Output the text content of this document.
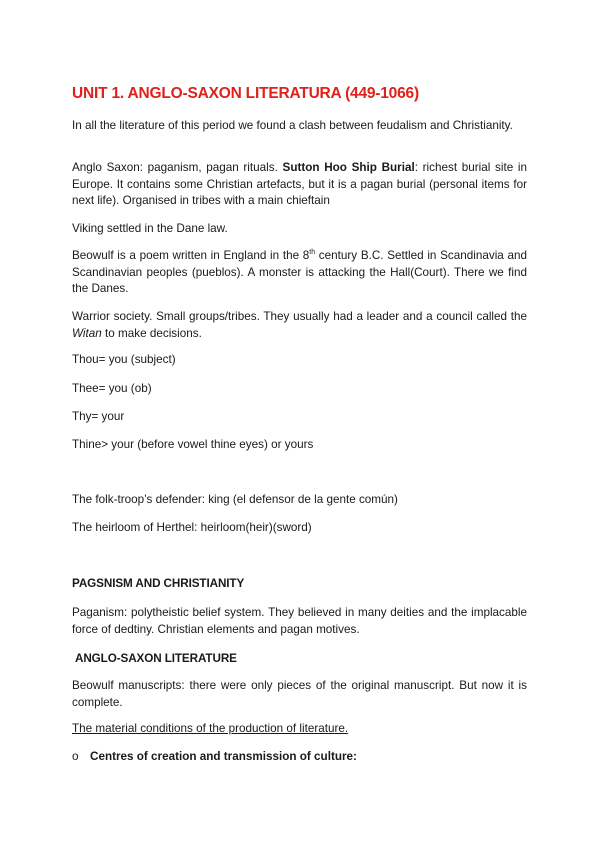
UNIT 1. ANGLO-SAXON LITERATURA (449-1066)
In all the literature of this period we found a clash between feudalism and Christianity.
Anglo Saxon: paganism, pagan rituals. Sutton Hoo Ship Burial: richest burial site in Europe. It contains some Christian artefacts, but it is a pagan burial (personal items for next life). Organised in tribes with a main chieftain
Viking settled in the Dane law.
Beowulf is a poem written in England in the 8th century B.C. Settled in Scandinavia and Scandinavian peoples (pueblos). A monster is attacking the Hall(Court). There we find the Danes.
Warrior society. Small groups/tribes. They usually had a leader and a council called the Witan to make decisions.
Thou= you (subject)
Thee= you (ob)
Thy= your
Thine> your (before vowel thine eyes) or yours
The folk-troop’s defender: king (el defensor de la gente común)
The heirloom of Herthel: heirloom(heir)(sword)
PAGSNISM AND CHRISTIANITY
Paganism: polytheistic belief system. They believed in many deities and the implacable force of dedtiny. Christian elements and pagan motives.
ANGLO-SAXON LITERATURE
Beowulf manuscripts: there were only pieces of the original manuscript. But now it is complete.
The material conditions of the production of literature.
o Centres of creation and transmission of culture:
